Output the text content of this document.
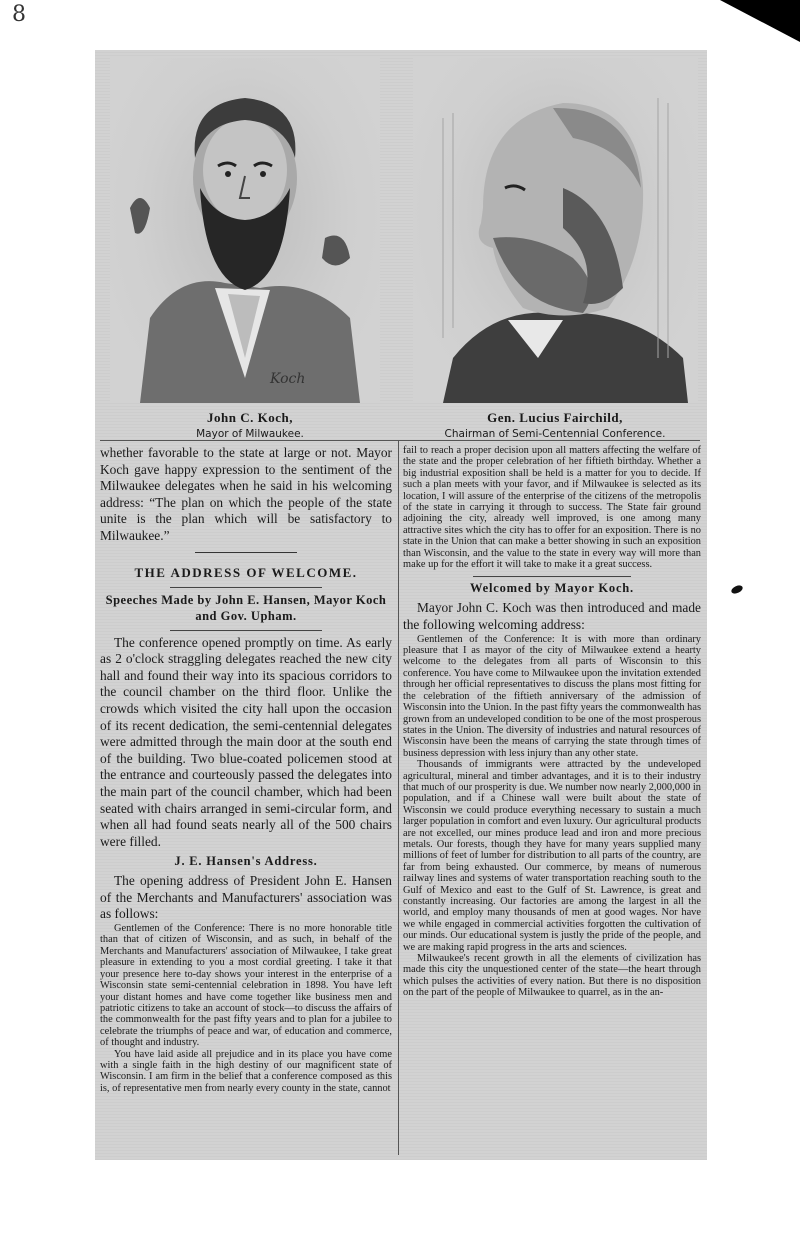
8
Koch
John C. Koch,
Mayor of Milwaukee.
Gen. Lucius Fairchild,
Chairman of Semi-Centennial Conference.

whether favorable to the state at large or not. Mayor Koch gave happy expression to the sentiment of the Milwaukee delegates when he said in his welcoming address: “The plan on which the people of the state unite is the plan which will be satisfactory to Milwaukee.”

THE ADDRESS OF WELCOME.
Speeches Made by John E. Hansen, Mayor Koch and Gov. Upham.

The conference opened promptly on time. As early as 2 o'clock straggling delegates reached the new city hall and found their way into its spacious corridors to the council chamber on the third floor. Unlike the crowds which visited the city hall upon the occasion of its recent dedication, the semi-centennial delegates were admitted through the main door at the south end of the building. Two blue-coated policemen stood at the entrance and courteously passed the delegates into the main part of the council chamber, which had been seated with chairs arranged in semi-circular form, and when all had found seats nearly all of the 500 chairs were filled.

J. E. Hansen's Address.

The opening address of President John E. Hansen of the Merchants and Manufacturers' association was as follows:

Gentlemen of the Conference: There is no more honorable title than that of citizen of Wisconsin, and as such, in behalf of the Merchants and Manufacturers' association of Milwaukee, I take great pleasure in extending to you a most cordial greeting. I take it that your presence here to-day shows your interest in the enterprise of a Wisconsin state semi-centennial celebration in 1898. You have left your distant homes and have come together like business men and patriotic citizens to take an account of stock—to discuss the affairs of the commonwealth for the past fifty years and to plan for a jubilee to celebrate the triumphs of peace and war, of education and commerce, of thought and industry.

You have laid aside all prejudice and in its place you have come with a single faith in the high destiny of our magnificent state of Wisconsin. I am firm in the belief that a conference composed as this is, of representative men from nearly every county in the state, cannot

fail to reach a proper decision upon all matters affecting the welfare of the state and the proper celebration of her fiftieth birthday. Whether a big industrial exposition shall be held is a matter for you to decide. If such a plan meets with your favor, and if Milwaukee is selected as its location, I will assure of the enterprise of the citizens of the metropolis of the state in carrying it through to success. The State fair ground adjoining the city, already well improved, is one among many attractive sites which the city has to offer for an exposition. There is no state in the Union that can make a better showing in such an exposition than Wisconsin, and the value to the state in every way will more than make up for the effort it will take to make it a great success.

Welcomed by Mayor Koch.

Mayor John C. Koch was then introduced and made the following welcoming address:

Gentlemen of the Conference: It is with more than ordinary pleasure that I as mayor of the city of Milwaukee extend a hearty welcome to the delegates from all parts of Wisconsin to this conference. You have come to Milwaukee upon the invitation extended through her official representatives to discuss the plans most fitting for the celebration of the fiftieth anniversary of the admission of Wisconsin into the Union. In the past fifty years the commonwealth has grown from an undeveloped condition to be one of the most prosperous states in the Union. The diversity of industries and natural resources of Wisconsin have been the means of carrying the state through times of business depression with less injury than any other state.

Thousands of immigrants were attracted by the undeveloped agricultural, mineral and timber advantages, and it is to their industry that much of our prosperity is due. We number now nearly 2,000,000 in population, and if a Chinese wall were built about the state of Wisconsin we could produce everything necessary to sustain a much larger population in comfort and even luxury. Our agricultural products are not excelled, our mines produce lead and iron and more precious metals. Our forests, though they have for many years supplied many millions of feet of lumber for distribution to all parts of the country, are far from being exhausted. Our commerce, by means of numerous railway lines and systems of water transportation reaching south to the Gulf of Mexico and east to the Gulf of St. Lawrence, is great and constantly increasing. Our factories are among the largest in all the world, and employ many thousands of men at good wages. Nor have we while engaged in commercial activities forgotten the cultivation of our minds. Our educational system is justly the pride of the people, and we are making rapid progress in the arts and sciences.

Milwaukee's recent growth in all the elements of civilization has made this city the unquestioned center of the state—the heart through which pulses the activities of every nation. But there is no disposition on the part of the people of Milwaukee to quarrel, as in the an-
